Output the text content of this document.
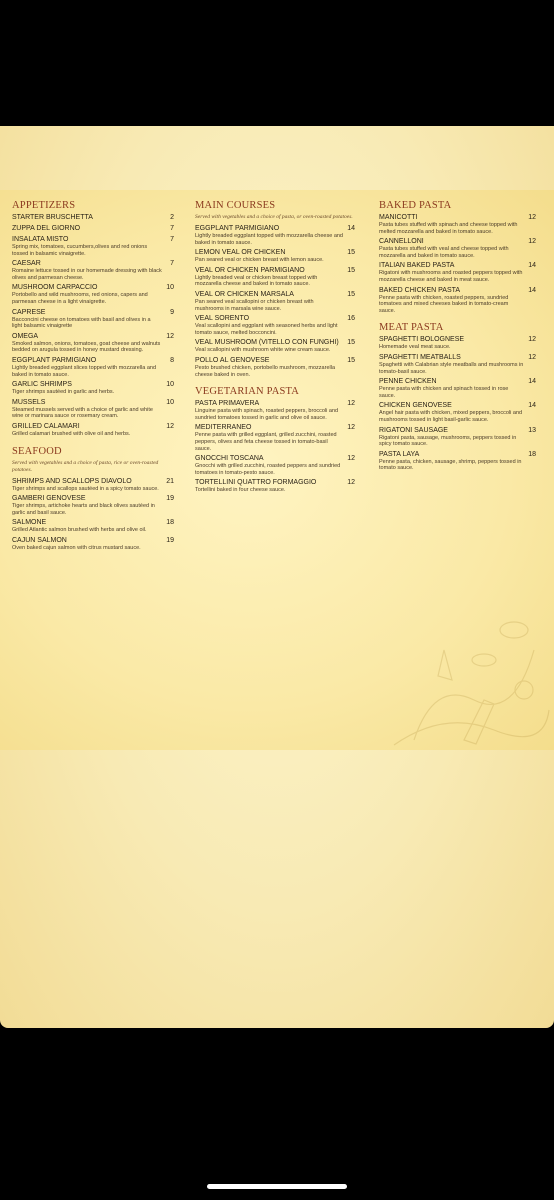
APPETIZERS
STARTER BRUSCHETTA	2
ZUPPA DEL GIORNO	7
INSALATA MISTO	7
Spring mix, tomatoes, cucumbers,olives and red onions tossed in balsamic vinaigrette.
CAESAR	7
Romaine lettuce tossed in our homemade dressing with black olives and parmesan cheese.
MUSHROOM CARPACCIO	10
Portobello and wild mushrooms, red onions, capers and parmesan cheese in a light vinaigrette.
CAPRESE	9
Bacconcini cheese on tomatoes with basil and olives in a light balsamic vinaigrette
OMEGA	12
Smoked salmon, onions, tomatoes, goat cheese and walnuts bedded on arugula tossed in honey mustard dressing.
EGGPLANT PARMIGIANO	8
Lightly breaded eggplant slices topped with mozzarella and baked in tomato sauce.
GARLIC SHRIMPS	10
Tiger shrimps sautéed in garlic and herbs.
MUSSELS	10
Steamed mussels served with a choice of garlic and white wine or marinara sauce or rosemary cream.
GRILLED CALAMARI	12
Grilled calamari brushed with olive oil and herbs.
SEAFOOD
Served with vegetables and a choice of pasta, rice or oven-roasted potatoes.
SHRIMPS AND SCALLOPS DIAVOLO	21
Tiger shrimps and scallops sautéed in a spicy tomato sauce.
GAMBERI GENOVESE	19
Tiger shrimps, artichoke hearts and black olives sautéed in garlic and basil sauce.
SALMONE	18
Grilled Atlantic salmon brushed with herbs and olive oil.
CAJUN SALMON	19
Oven baked cajun salmon with citrus mustard sauce.
MAIN COURSES
Served with vegetables and a choice of pasta, or oven-roasted potatoes.
EGGPLANT PARMIGIANO	14
Lightly breaded eggplant topped with mozzarella cheese and baked in tomato sauce.
LEMON VEAL OR CHICKEN	15
Pan seared veal or chicken breast with lemon sauce.
VEAL OR CHICKEN PARMIGIANO	15
Lightly breaded veal or chicken breast topped with mozzarella cheese and baked in tomato sauce.
VEAL OR CHICKEN MARSALA	15
Pan seared veal scallopini or chicken breast with mushrooms in marsala wine sauce.
VEAL SORENTO	16
Veal scallopini and eggplant with seasoned herbs and light tomato sauce, melted bocconcini.
VEAL MUSHROOM (VITELLO CON FUNGHI)	15
Veal scallopini with mushroom white wine cream sauce.
POLLO AL GENOVESE	15
Pesto brushed chicken, portobello mushroom, mozzarella cheese baked in oven.
VEGETARIAN PASTA
PASTA PRIMAVERA	12
Linguine pasta with spinach, roasted peppers, broccoli and sundried tomatoes tossed in garlic and olive oil sauce.
MEDITERRANEO	12
Penne pasta with grilled eggplant, grilled zucchini, roasted peppers, olives and feta cheese tossed in tomato-basil sauce.
GNOCCHI TOSCANA	12
Gnocchi with grilled zucchini, roasted peppers and sundried tomatoes in tomato-pesto sauce.
TORTELLINI QUATTRO FORMAGGIO	12
Tortellini baked in four cheese sauce.
BAKED PASTA
MANICOTTI	12
Pasta tubes stuffed with spinach and cheese topped with melted mozzarella and baked in tomato sauce.
CANNELLONI	12
Pasta tubes stuffed with veal and cheese topped with mozzarella and baked in tomato sauce.
ITALIAN BAKED PASTA	14
Rigatoni with mushrooms and roasted peppers topped with mozzarella cheese and baked in meat sauce.
BAKED CHICKEN PASTA	14
Penne pasta with chicken, roasted peppers, sundried tomatoes and mixed cheeses baked in tomato-cream sauce.
MEAT PASTA
SPAGHETTI BOLOGNESE	12
Homemade veal meat sauce.
SPAGHETTI MEATBALLS	12
Spaghetti with Calabrian style meatballs and mushrooms in tomato-basil sauce.
PENNE CHICKEN	14
Penne pasta with chicken and spinach tossed in rose sauce.
CHICKEN GENOVESE	14
Angel hair pasta with chicken, mixed peppers, broccoli and mushrooms tossed in light basil-garlic sauce.
RIGATONI SAUSAGE	13
Rigatoni pasta, sausage, mushrooms, peppers tossed in spicy tomato sauce.
PASTA LAYA	18
Penne pasta, chicken, sausage, shrimp, peppers tossed in tomato sauce.
